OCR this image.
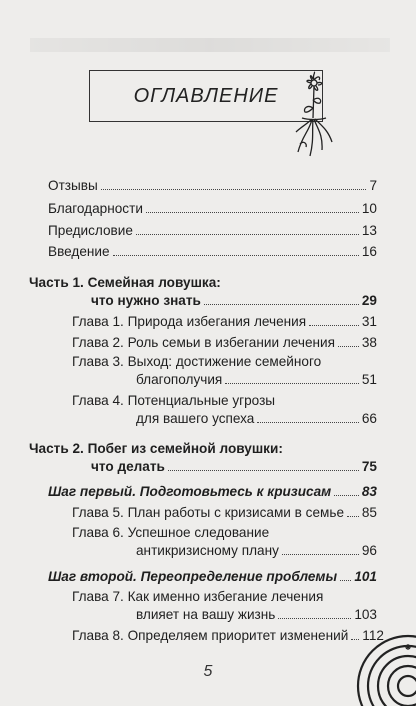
ОГЛАВЛЕНИЕ
Отзывы	7
Благодарности	10
Предисловие	13
Введение	16
Часть 1. Семейная ловушка:
что нужно знать	29
Глава 1. Природа избегания лечения	31
Глава 2. Роль семьи в избегании лечения 38
Глава 3. Выход: достижение семейного
благополучия	51
Глава 4. Потенциальные угрозы
для вашего успеха	66
Часть 2. Побег из семейной ловушки:
что делать	75
Шаг первый. Подготовьтесь к кризисам 83
Глава 5. План работы с кризисами в семье 85
Глава 6. Успешное следование
антикризисному плану	96
Шаг второй. Переопределение проблемы 101
Глава 7. Как именно избегание лечения
влияет на вашу жизнь	103
Глава 8. Определяем приоритет изменений 112
5
